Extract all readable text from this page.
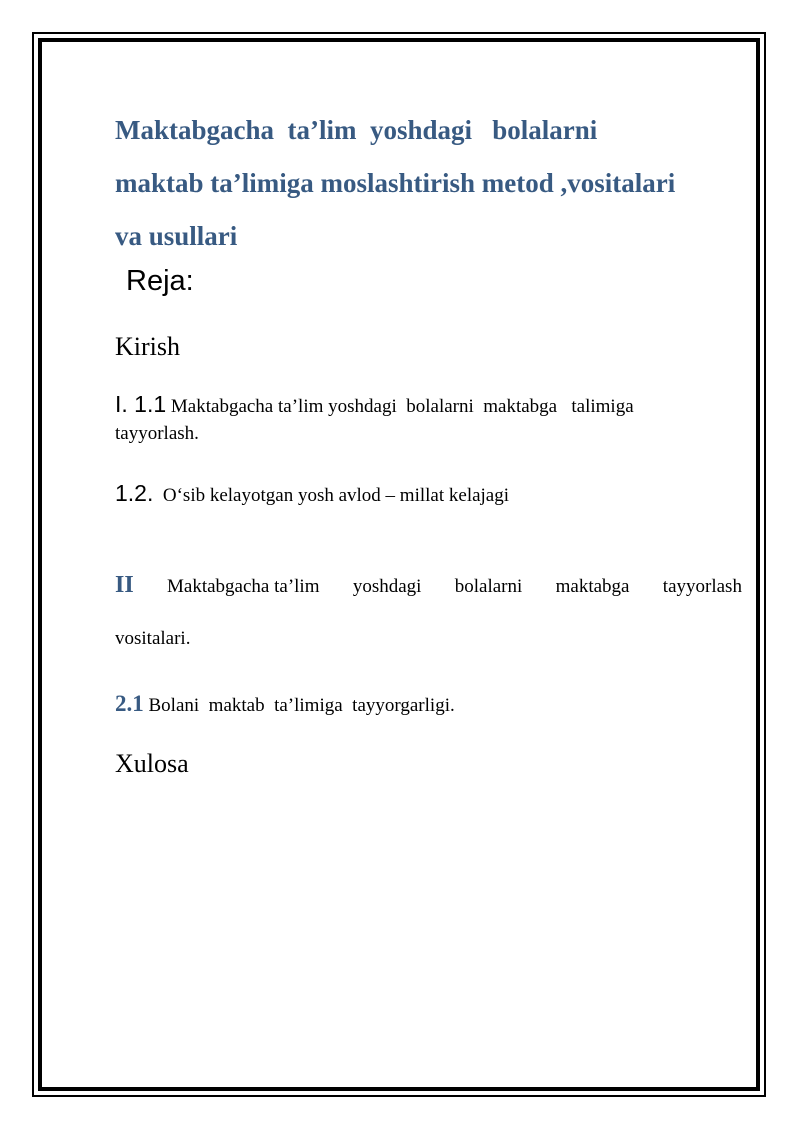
Maktabgacha  ta’lim  yoshdagi   bolalarni
maktab ta’limiga moslashtirish metod ,vositalari
va usullari
Reja:
Kirish
I. 1.1 Maktabgacha ta’lim yoshdagi  bolalarni  maktabga   talimiga
tayyorlash.
1.2.  O‘sib kelayotgan yosh avlod – millat kelajagi
II Maktabgacha ta’lim yoshdagi bolalarni maktabga tayyorlash
vositalari.
2.1 Bolani  maktab  ta’limiga  tayyorgarligi.
Xulosa
